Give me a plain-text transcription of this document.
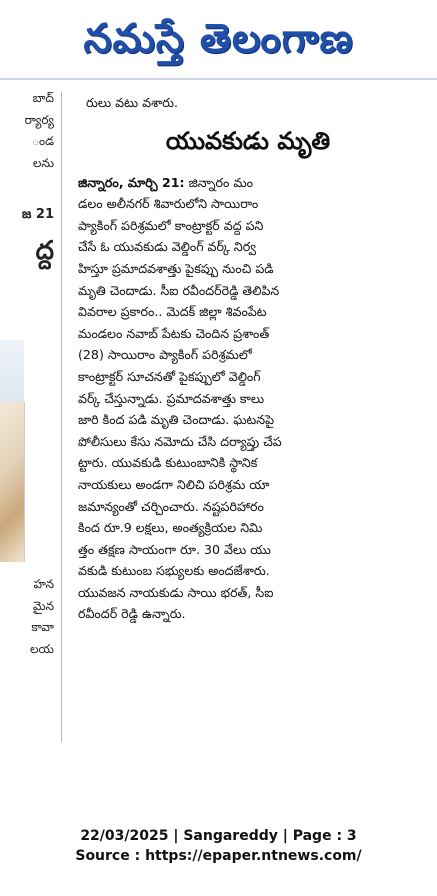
నమస్తే తెలంగాణ
బాద్
ర్యార్య
ండ
లను
జ 21
ద్ద
హన
మైన
కావా
లయ
రులు వటు వశారు.
యువకుడు మృతి

జిన్నారం, మార్చి 21: జిన్నారం మం

డలం అలీనగర్ శివారులోని సాయిరాం

ప్యాకింగ్ పరిశ్రమలో కాంట్రాక్టర్ వద్ద పని

చేసే ఓ యువకుడు వెల్డింగ్ వర్క్ నిర్వ

హిస్తూ ప్రమాదవశాత్తు పైకప్పు నుంచి పడి

మృతి చెందాడు. సీఐ రవీందర్‌రెడ్డి తెలిపిన

వివరాల ప్రకారం.. మెదక్ జిల్లా శివంపేట

మండలం నవాబ్ పేటకు చెందిన ప్రశాంత్

(28) సాయిరాం ప్యాకింగ్ పరిశ్రమలో

కాంట్రాక్టర్ సూచనతో పైకప్పులో వెల్డింగ్

వర్క్ చేస్తున్నాడు. ప్రమాదవశాత్తు కాలు

జారి కింద పడి మృతి చెందాడు. ఘటనపై

పోలీసులు కేసు నమోదు చేసి దర్యాప్తు చేప

ట్టారు. యువకుడి కుటుంబానికి స్థానిక

నాయకులు అండగా నిలిచి పరిశ్రమ యా

జమాన్యంతో చర్చించారు. నష్టపరిహారం

కింద రూ.9 లక్షలు, అంత్యక్రియల నిమి

త్తం తక్షణ సాయంగా రూ. 30 వేలు యు

వకుడి కుటుంబ సభ్యులకు అందజేశారు.

యువజన నాయకుడు సాయి భరత్, సీఐ

రవీందర్ రెడ్డి ఉన్నారు.

22/03/2025 | Sangareddy | Page : 3
Source : https://epaper.ntnews.com/
